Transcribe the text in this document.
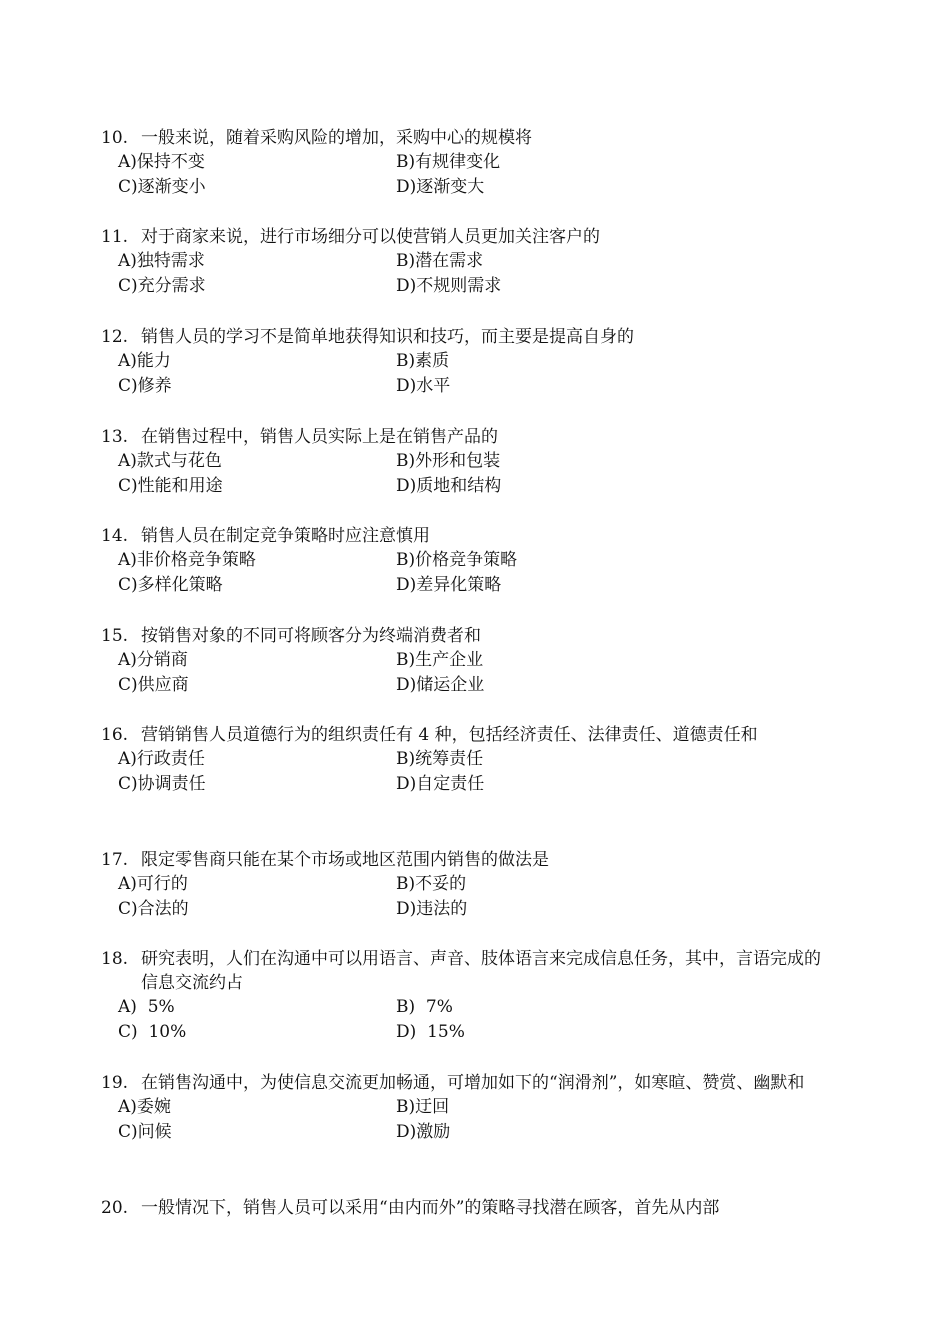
10. 一般来说，随着采购风险的增加，采购中心的规模将
A)保持不变	B)有规律变化
C)逐渐变小	D)逐渐变大
11. 对于商家来说，进行市场细分可以使营销人员更加关注客户的
A)独特需求	B)潜在需求
C)充分需求	D)不规则需求
12. 销售人员的学习不是简单地获得知识和技巧，而主要是提高自身的
A)能力	B)素质
C)修养	D)水平
13. 在销售过程中，销售人员实际上是在销售产品的
A)款式与花色	B)外形和包装
C)性能和用途	D)质地和结构
14. 销售人员在制定竞争策略时应注意慎用
A)非价格竞争策略	B)价格竞争策略
C)多样化策略	D)差异化策略
15. 按销售对象的不同可将顾客分为终端消费者和
A)分销商	B)生产企业
C)供应商	D)储运企业
16. 营销销售人员道德行为的组织责任有 4 种，包括经济责任、法律责任、道德责任和
A)行政责任	B)统筹责任
C)协调责任	D)自定责任
17. 限定零售商只能在某个市场或地区范围内销售的做法是
A)可行的	B)不妥的
C)合法的	D)违法的
18. 研究表明，人们在沟通中可以用语言、声音、肢体语言来完成信息任务，其中，言语完成的信息交流约占
A)  5%	B)  7%
C)  10%	D)  15%
19. 在销售沟通中，为使信息交流更加畅通，可增加如下的“润滑剂”，如寒暄、赞赏、幽默和
A)委婉	B)迂回
C)问候	D)激励
20. 一般情况下，销售人员可以采用“由内而外”的策略寻找潜在顾客，首先从内部
